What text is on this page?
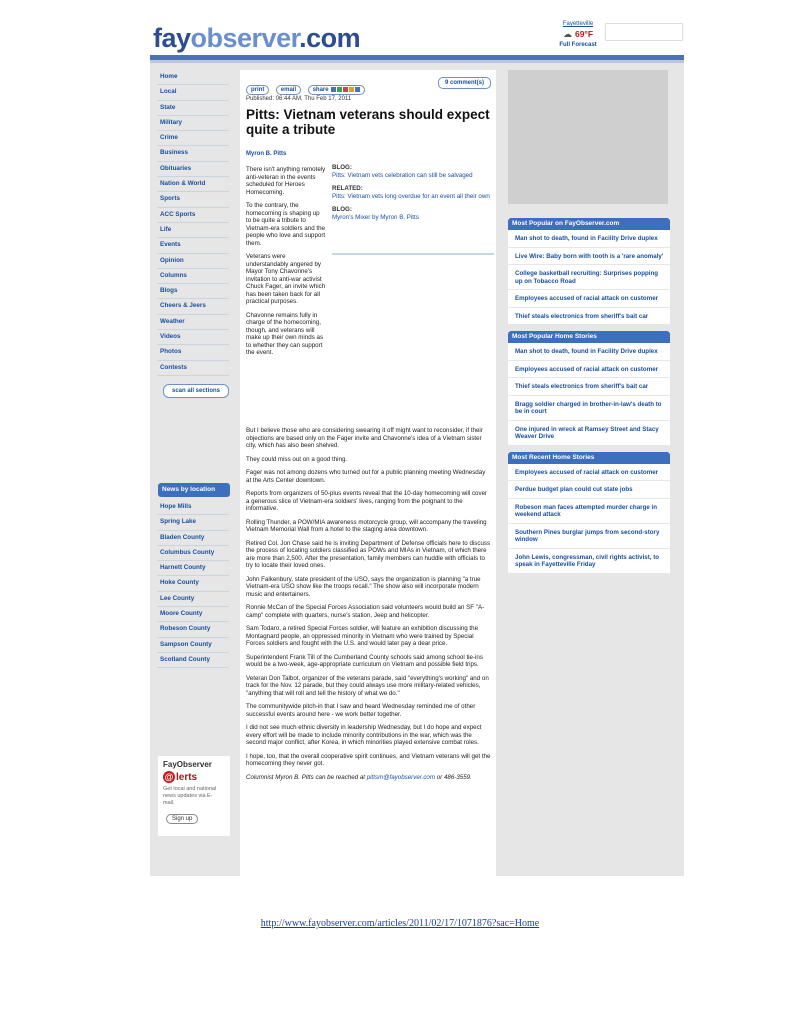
fayobserver.com	Fayetteville
☁ 69°F
Full Forecast
Home
Local
State
Military
Crime
Business
Obituaries
Nation & World
Sports
ACC Sports
Life
Events
Opinion
Columns
Blogs
Cheers & Jeers
Weather
Videos
Photos
Contests
scan all sections
News by location
Hope Mills
Spring Lake
Bladen County
Columbus County
Harnett County
Hoke County
Lee County
Moore County
Robeson County
Sampson County
Scotland County
FayObserver
@ lerts
Get local and national news updates via E-mail.
Sign up
print	email	share
9 comment(s)
Published: 06:44 AM, Thu Feb 17, 2011
Pitts: Vietnam veterans should expect quite a tribute
Myron B. Pitts

There isn't anything remotely anti-veteran in the events scheduled for Heroes Homecoming.

To the contrary, the homecoming is shaping up to be quite a tribute to Vietnam-era soldiers and the people who love and support them.

Veterans were understandably angered by Mayor Tony Chavonne's invitation to anti-war activist Chuck Fager, an invite which has been taken back for all practical purposes.

Chavonne remains fully in charge of the homecoming, though, and veterans will make up their own minds as to whether they can support the event.

BLOG:
Pitts: Vietnam vets celebration can still be salvaged
RELATED:
Pitts: Vietnam vets long overdue for an event all their own
BLOG:
Myron's Mixer by Myron B. Pitts

But I believe those who are considering swearing it off might want to reconsider, if their objections are based only on the Fager invite and Chavonne's idea of a Vietnam sister city, which has also been shelved.

They could miss out on a good thing.

Fager was not among dozens who turned out for a public planning meeting Wednesday at the Arts Center downtown.

Reports from organizers of 50-plus events reveal that the 10-day homecoming will cover a generous slice of Vietnam-era soldiers' lives, ranging from the poignant to the informative.

Rolling Thunder, a POW/MIA awareness motorcycle group, will accompany the traveling Vietnam Memorial Wall from a hotel to the staging area downtown.

Retired Col. Jon Chase said he is inviting Department of Defense officials here to discuss the process of locating soldiers classified as POWs and MIAs in Vietnam, of which there are more than 2,500. After the presentation, family members can huddle with officials to try to locate their loved ones.

John Falkenbury, state president of the USO, says the organization is planning "a true Vietnam-era USO show like the troops recall." The show also will incorporate modern music and entertainers.

Ronnie McCan of the Special Forces Association said volunteers would build an SF "A-camp" complete with quarters, nurse's station, Jeep and helicopter.

Sam Todaro, a retired Special Forces soldier, will feature an exhibition discussing the Montagnard people, an oppressed minority in Vietnam who were trained by Special Forces soldiers and fought with the U.S. and would later pay a dear price.

Superintendent Frank Till of the Cumberland County schools said among school tie-ins would be a two-week, age-appropriate curriculum on Vietnam and possible field trips.

Veteran Don Talbot, organizer of the veterans parade, said "everything's working" and on track for the Nov. 12 parade, but they could always use more military-related vehicles, "anything that will roll and tell the history of what we do."

The communitywide pitch-in that I saw and heard Wednesday reminded me of other successful events around here - we work better together.

I did not see much ethnic diversity in leadership Wednesday, but I do hope and expect every effort will be made to include minority contributions in the war, which was the second major conflict, after Korea, in which minorities played extensive combat roles.

I hope, too, that the overall cooperative spirit continues, and Vietnam veterans will get the homecoming they never got.

Columnist Myron B. Pitts can be reached at pittsm@fayobserver.com or 486-3559.

Most Popular on FayObserver.com
Man shot to death, found in Facility Drive duplex
Live Wire: Baby born with tooth is a 'rare anomaly'
College basketball recruiting: Surprises popping up on Tobacco Road
Employees accused of racial attack on customer
Thief steals electronics from sheriff's bait car
Most Popular Home Stories
Man shot to death, found in Facility Drive duplex
Employees accused of racial attack on customer
Thief steals electronics from sheriff's bait car
Bragg soldier charged in brother-in-law's death to be in court
One injured in wreck at Ramsey Street and Stacy Weaver Drive
Most Recent Home Stories
Employees accused of racial attack on customer
Perdue budget plan could cut state jobs
Robeson man faces attempted murder charge in weekend attack
Southern Pines burglar jumps from second-story window
John Lewis, congressman, civil rights activist, to speak in Fayetteville Friday
http://www.fayobserver.com/articles/2011/02/17/1071876?sac=Home
